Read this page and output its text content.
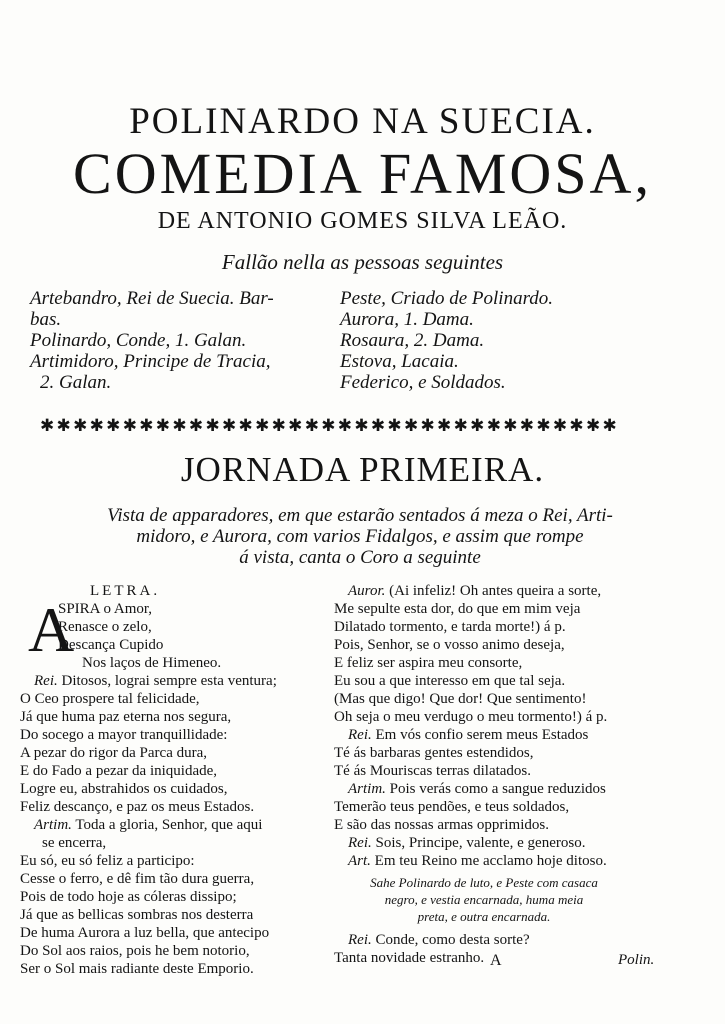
POLINARDO NA SUECIA.
COMEDIA FAMOSA,
DE ANTONIO GOMES SILVA LEÃO.
Fallão nella as pessoas seguintes
Artebandro, Rei de Suecia. Bar-
bas.
Polinardo, Conde, 1. Galan.
Artimidoro, Principe de Tracia,
2. Galan.
Peste, Criado de Polinardo.
Aurora, 1. Dama.
Rosaura, 2. Dama.
Estova, Lacaia.
Federico, e Soldados.
✱✱✱✱✱✱✱✱✱✱✱✱✱✱✱✱✱✱✱✱✱✱✱✱✱✱✱✱✱✱✱✱✱✱✱
JORNADA PRIMEIRA.
Vista de apparadores, em que estarão sentados á meza o Rei, Arti-
midoro, e Aurora, com varios Fidalgos, e assim que rompe
á vista, canta o Coro a seguinte
LETRA.
A
SPIRA o Amor,
Renasce o zelo,
Descança Cupido
Nos laços de Himeneo.
Rei. Ditosos, lograi sempre esta ventura;
O Ceo prospere tal felicidade,
Já que huma paz eterna nos segura,
Do socego a mayor tranquillidade:
A pezar do rigor da Parca dura,
E do Fado a pezar da iniquidade,
Logre eu, abstrahidos os cuidados,
Feliz descanço, e paz os meus Estados.
Artim. Toda a gloria, Senhor, que aqui
se encerra,
Eu só, eu só feliz a participo:
Cesse o ferro, e dê fim tão dura guerra,
Pois de todo hoje as cóleras dissipo;
Já que as bellicas sombras nos desterra
De huma Aurora a luz bella, que antecipo
Do Sol aos raios, pois he bem notorio,
Ser o Sol mais radiante deste Emporio.
Auror. (Ai infeliz! Oh antes queira a sorte,
Me sepulte esta dor, do que em mim veja
Dilatado tormento, e tarda morte!) á p.
Pois, Senhor, se o vosso animo deseja,
E feliz ser aspira meu consorte,
Eu sou a que interesso em que tal seja.
(Mas que digo! Que dor! Que sentimento!
Oh seja o meu verdugo o meu tormento!) á p.
Rei. Em vós confio serem meus Estados
Té ás barbaras gentes estendidos,
Té ás Mouriscas terras dilatados.
Artim. Pois verás como a sangue reduzidos
Temerão teus pendões, e teus soldados,
E são das nossas armas opprimidos.
Rei. Sois, Principe, valente, e generoso.
Art. Em teu Reino me acclamo hoje ditoso.
Sahe Polinardo de luto, e Peste com casaca
negro, e vestia encarnada, huma meia
preta, e outra encarnada.
Rei. Conde, como desta sorte?
Tanta novidade estranho. A	Polin.
